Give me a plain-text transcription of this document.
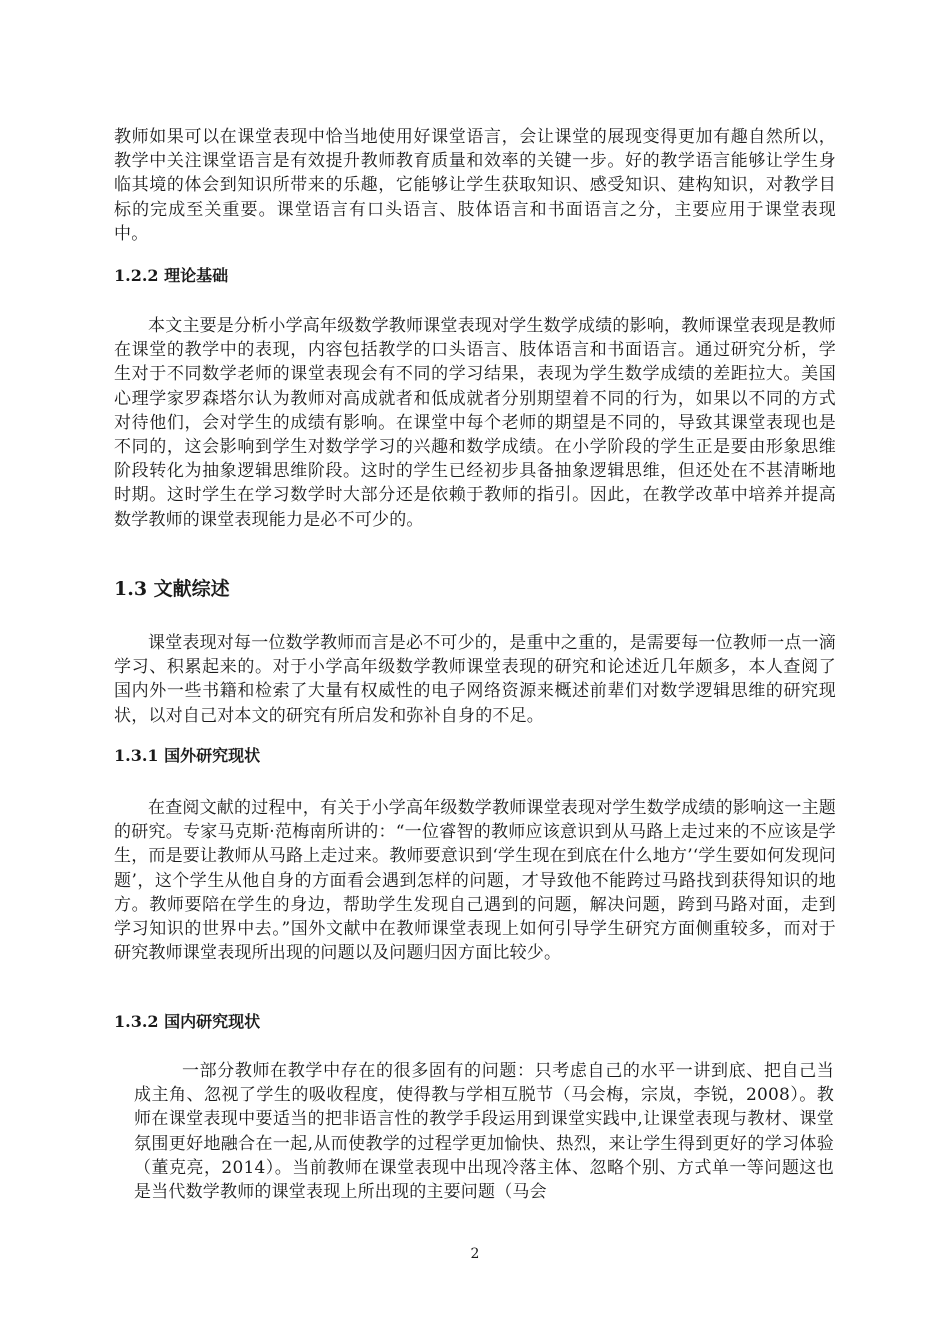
教师如果可以在课堂表现中恰当地使用好课堂语言，会让课堂的展现变得更加有趣自然所以，教学中关注课堂语言是有效提升教师教育质量和效率的关键一步。好的教学语言能够让学生身临其境的体会到知识所带来的乐趣，它能够让学生获取知识、感受知识、建构知识，对教学目标的完成至关重要。课堂语言有口头语言、肢体语言和书面语言之分，主要应用于课堂表现中。

1.2.2 理论基础

本文主要是分析小学高年级数学教师课堂表现对学生数学成绩的影响，教师课堂表现是教师在课堂的教学中的表现，内容包括教学的口头语言、肢体语言和书面语言。通过研究分析，学生对于不同数学老师的课堂表现会有不同的学习结果，表现为学生数学成绩的差距拉大。美国心理学家罗森塔尔认为教师对高成就者和低成就者分别期望着不同的行为，如果以不同的方式对待他们，会对学生的成绩有影响。在课堂中每个老师的期望是不同的，导致其课堂表现也是不同的，这会影响到学生对数学学习的兴趣和数学成绩。在小学阶段的学生正是要由形象思维阶段转化为抽象逻辑思维阶段。这时的学生已经初步具备抽象逻辑思维，但还处在不甚清晰地时期。这时学生在学习数学时大部分还是依赖于教师的指引。因此，在教学改革中培养并提高数学教师的课堂表现能力是必不可少的。

1.3 文献综述

课堂表现对每一位数学教师而言是必不可少的，是重中之重的，是需要每一位教师一点一滴学习、积累起来的。对于小学高年级数学教师课堂表现的研究和论述近几年颇多，本人查阅了国内外一些书籍和检索了大量有权威性的电子网络资源来概述前辈们对数学逻辑思维的研究现状，以对自己对本文的研究有所启发和弥补自身的不足。

1.3.1 国外研究现状

在查阅文献的过程中，有关于小学高年级数学教师课堂表现对学生数学成绩的影响这一主题的研究。专家马克斯·范梅南所讲的：“一位睿智的教师应该意识到从马路上走过来的不应该是学生，而是要让教师从马路上走过来。教师要意识到‘学生现在到底在什么地方’‘学生要如何发现问题’，这个学生从他自身的方面看会遇到怎样的问题，才导致他不能跨过马路找到获得知识的地方。教师要陪在学生的身边，帮助学生发现自己遇到的问题，解决问题，跨到马路对面，走到学习知识的世界中去。”国外文献中在教师课堂表现上如何引导学生研究方面侧重较多，而对于研究教师课堂表现所出现的问题以及问题归因方面比较少。

1.3.2 国内研究现状

一部分教师在教学中存在的很多固有的问题：只考虑自己的水平一讲到底、把自己当成主角、忽视了学生的吸收程度，使得教与学相互脱节（马会梅，宗岚，李锐，2008）。教师在课堂表现中要适当的把非语言性的教学手段运用到课堂实践中,让课堂表现与教材、课堂氛围更好地融合在一起,从而使教学的过程学更加愉快、热烈，来让学生得到更好的学习体验（董克亮，2014）。当前教师在课堂表现中出现冷落主体、忽略个别、方式单一等问题这也是当代数学教师的课堂表现上所出现的主要问题（马会

2
